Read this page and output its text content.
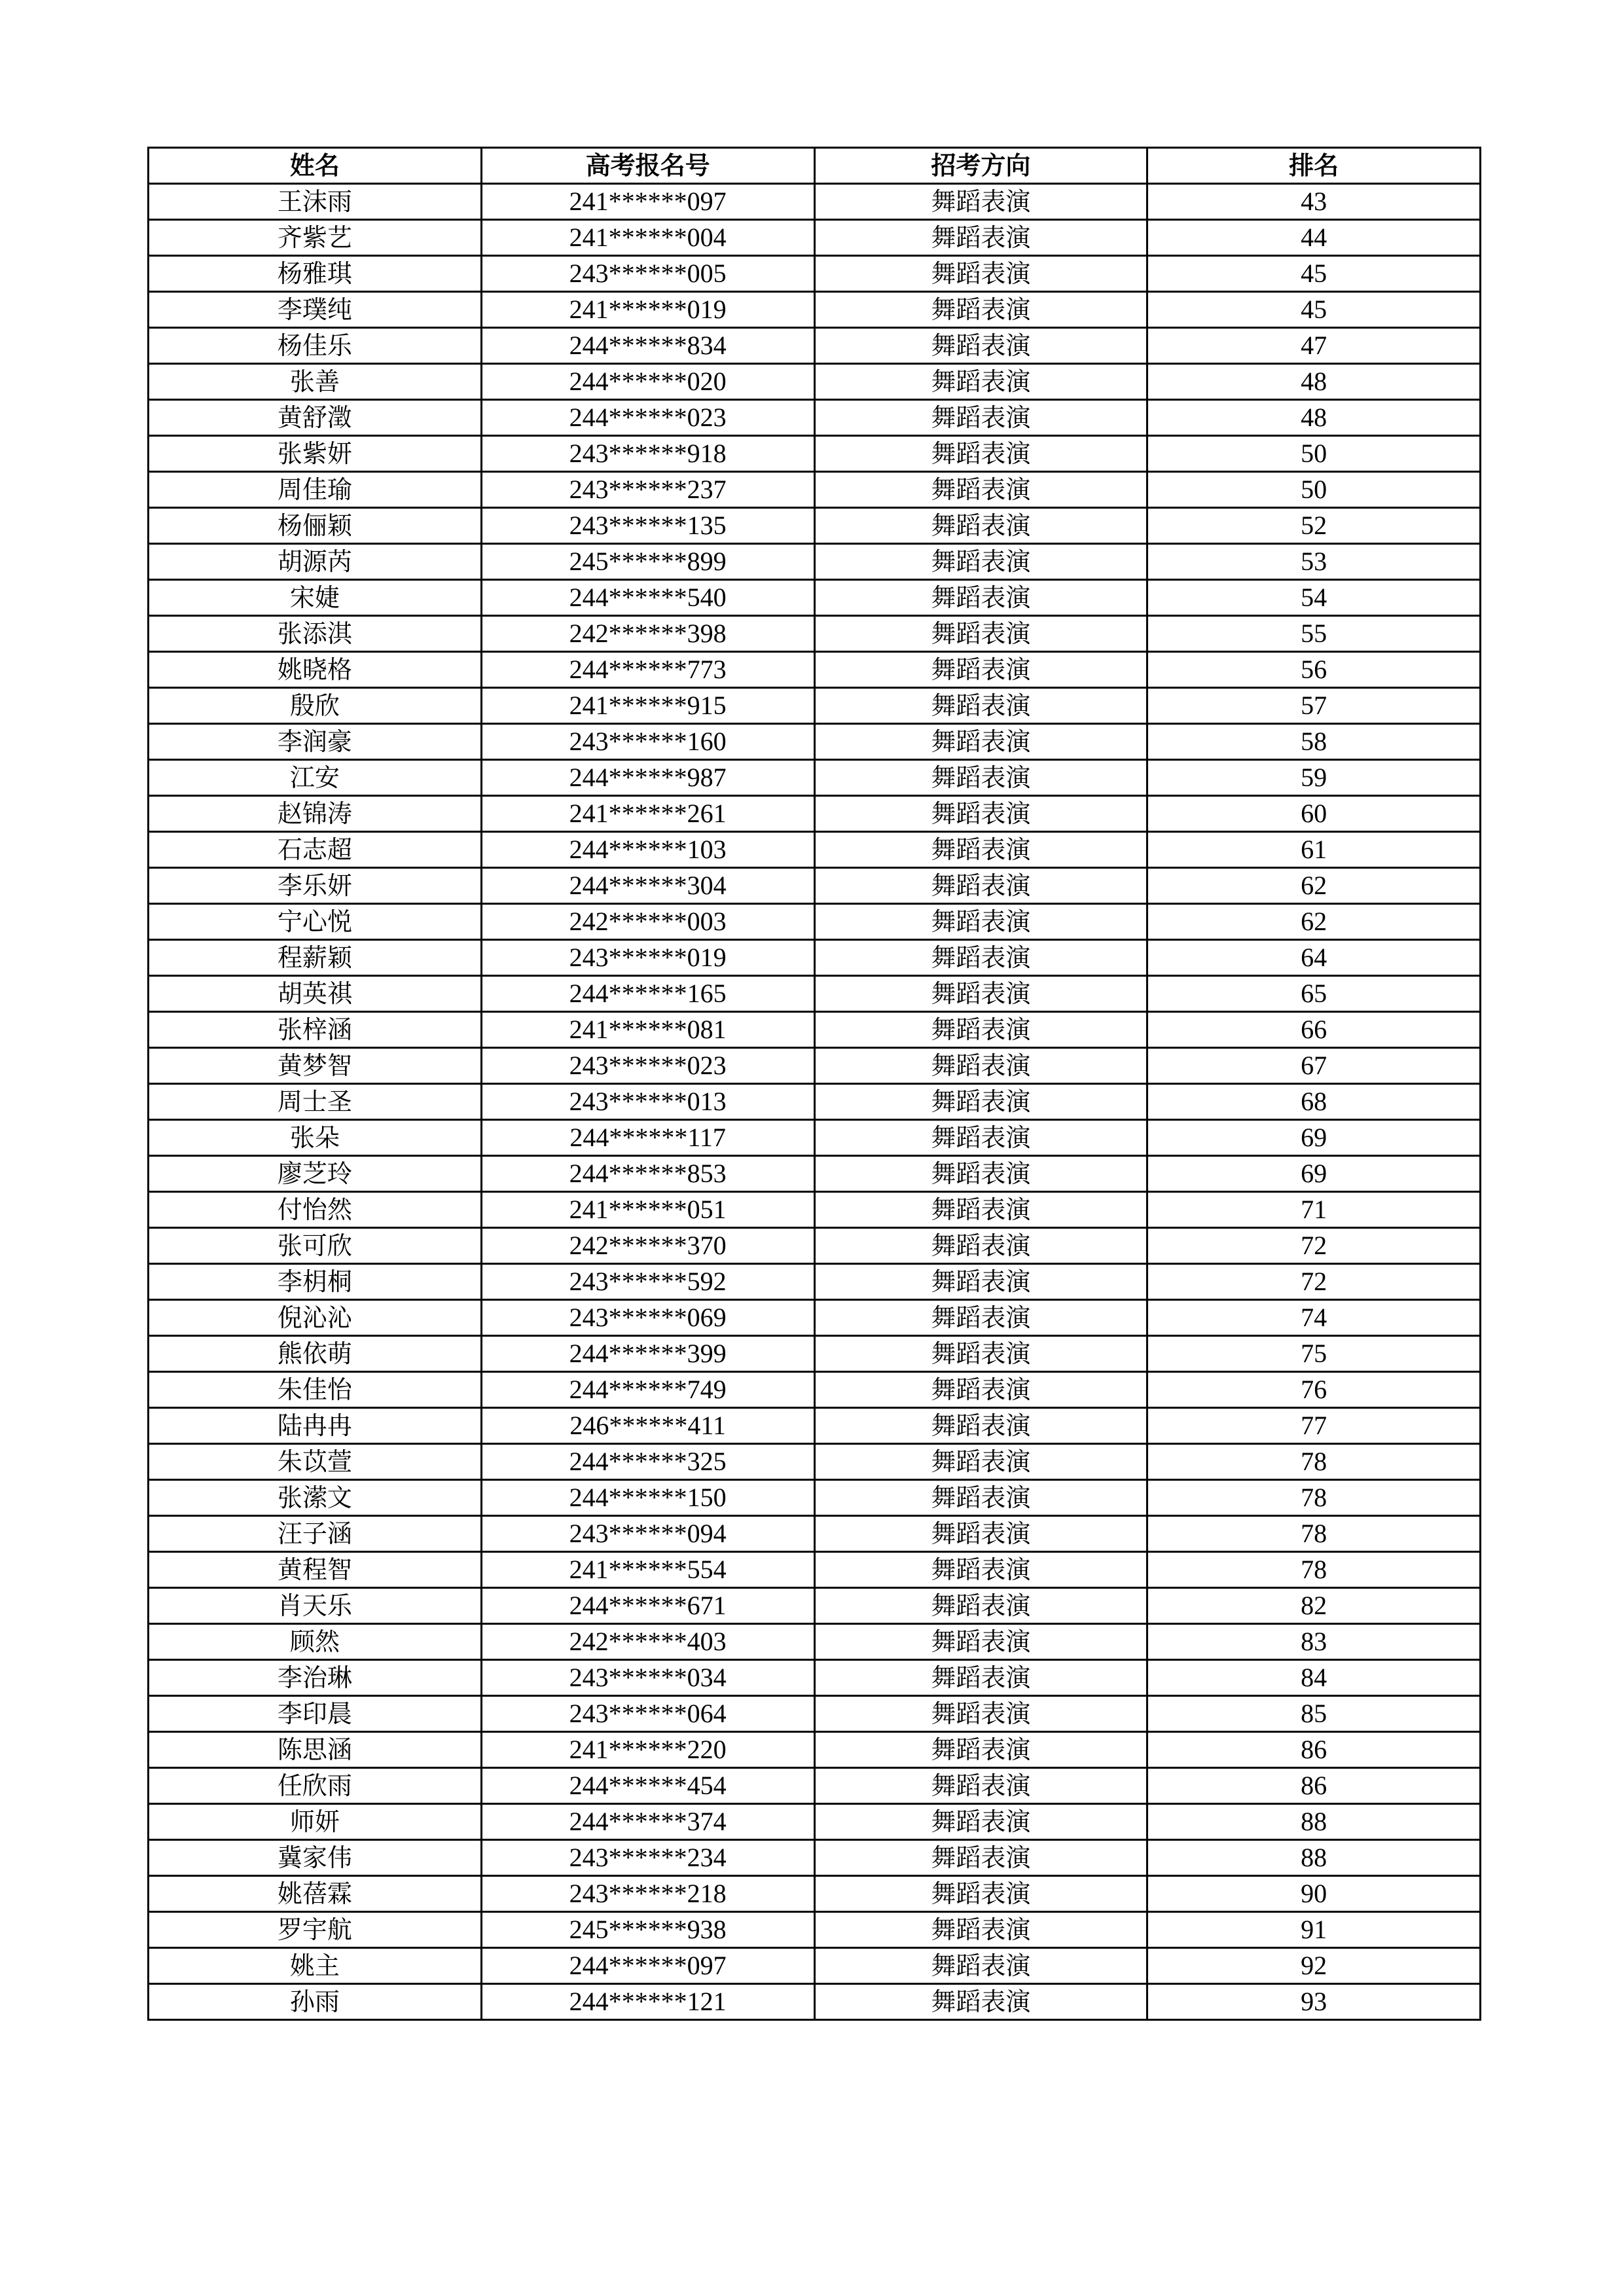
姓名	高考报名号	招考方向	排名
王沫雨	241******097	舞蹈表演	43
齐紫艺	241******004	舞蹈表演	44
杨雅琪	243******005	舞蹈表演	45
李璞纯	241******019	舞蹈表演	45
杨佳乐	244******834	舞蹈表演	47
张善	244******020	舞蹈表演	48
黄舒澂	244******023	舞蹈表演	48
张紫妍	243******918	舞蹈表演	50
周佳瑜	243******237	舞蹈表演	50
杨俪颖	243******135	舞蹈表演	52
胡源芮	245******899	舞蹈表演	53
宋婕	244******540	舞蹈表演	54
张添淇	242******398	舞蹈表演	55
姚晓格	244******773	舞蹈表演	56
殷欣	241******915	舞蹈表演	57
李润豪	243******160	舞蹈表演	58
江安	244******987	舞蹈表演	59
赵锦涛	241******261	舞蹈表演	60
石志超	244******103	舞蹈表演	61
李乐妍	244******304	舞蹈表演	62
宁心悦	242******003	舞蹈表演	62
程薪颖	243******019	舞蹈表演	64
胡英祺	244******165	舞蹈表演	65
张梓涵	241******081	舞蹈表演	66
黄梦智	243******023	舞蹈表演	67
周士圣	243******013	舞蹈表演	68
张朵	244******117	舞蹈表演	69
廖芝玲	244******853	舞蹈表演	69
付怡然	241******051	舞蹈表演	71
张可欣	242******370	舞蹈表演	72
李枂桐	243******592	舞蹈表演	72
倪沁沁	243******069	舞蹈表演	74
熊依萌	244******399	舞蹈表演	75
朱佳怡	244******749	舞蹈表演	76
陆冉冉	246******411	舞蹈表演	77
朱苡萱	244******325	舞蹈表演	78
张潆文	244******150	舞蹈表演	78
汪子涵	243******094	舞蹈表演	78
黄程智	241******554	舞蹈表演	78
肖天乐	244******671	舞蹈表演	82
顾然	242******403	舞蹈表演	83
李治琳	243******034	舞蹈表演	84
李印晨	243******064	舞蹈表演	85
陈思涵	241******220	舞蹈表演	86
任欣雨	244******454	舞蹈表演	86
师妍	244******374	舞蹈表演	88
冀家伟	243******234	舞蹈表演	88
姚蓓霖	243******218	舞蹈表演	90
罗宇航	245******938	舞蹈表演	91
姚主	244******097	舞蹈表演	92
孙雨	244******121	舞蹈表演	93
